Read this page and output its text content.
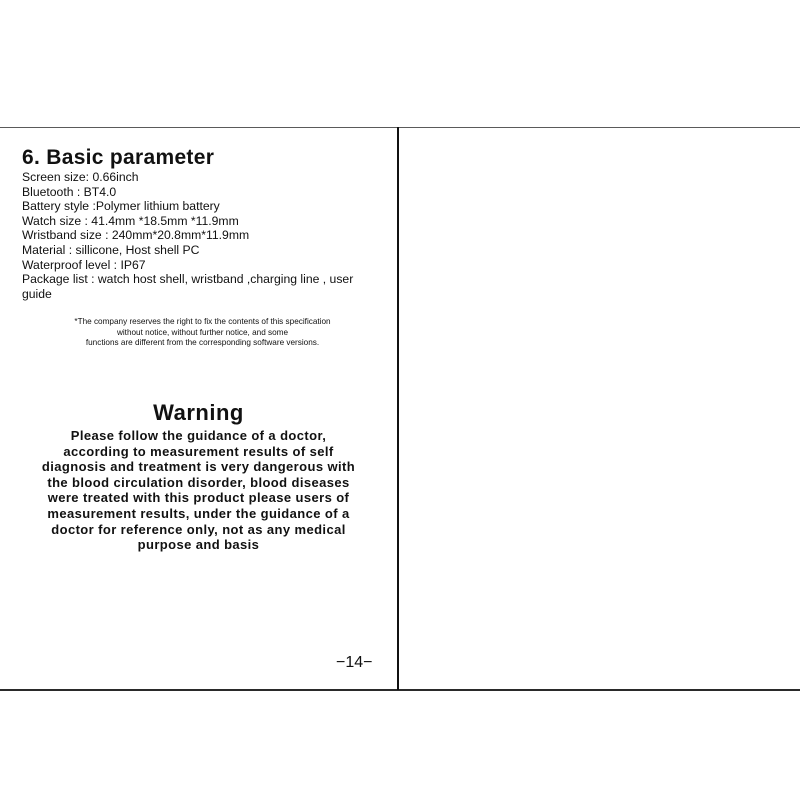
6. Basic parameter
Screen size: 0.66inch
Bluetooth : BT4.0
Battery style :Polymer lithium battery
Watch size : 41.4mm *18.5mm *11.9mm
Wristband size : 240mm*20.8mm*11.9mm
Material : sillicone, Host shell PC
Waterproof level : IP67
Package list : watch host shell, wristband ,charging line , user guide

*The company reserves the right to fix the contents of this specification
without notice, without further notice, and some
functions are different from the corresponding software versions.

Warning

Please follow the guidance of a doctor,
according to measurement results of self
diagnosis and treatment is very dangerous with
the blood circulation disorder, blood diseases
were treated with this product please users of
measurement results, under the guidance of a
doctor for reference only, not as any medical
purpose and basis

−14−
